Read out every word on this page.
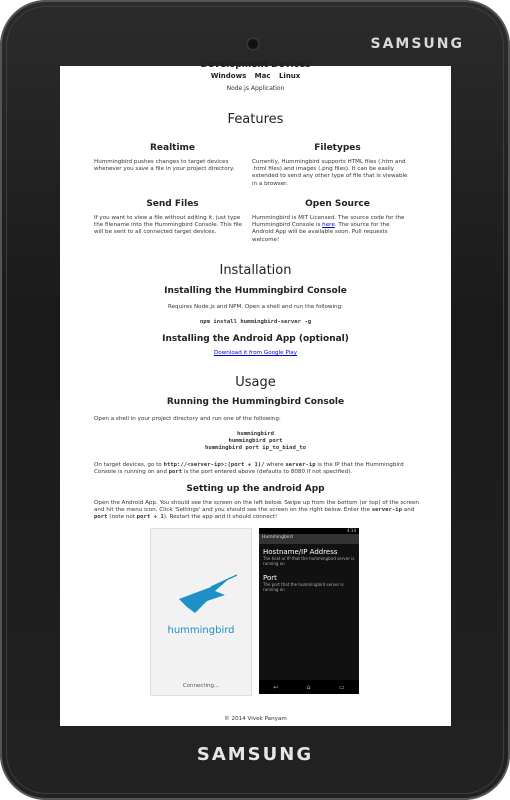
SAMSUNG
SAMSUNG
Development Devices
Windows Mac Linux
Node.js Application
Features
Realtime	Filetypes
Hummingbird pushes changes to target devices whenever you save a file in your project directory.
Currently, Hummingbird supports HTML files (.htm and .html files) and images (.png files). It can be easily extended to send any other type of file that is viewable in a browser.
Send Files	Open Source
If you want to view a file without editing it, just type the filename into the Hummingbird Console. This file will be sent to all connected target devices.
Hummingbird is MIT Licensed. The source code for the Hummingbird Console is here. The source for the Android App will be available soon. Pull requests welcome!
Installation
Installing the Hummingbird Console
Requires Node.js and NPM. Open a shell and run the following:
npm install hummingbird-server -g
Installing the Android App (optional)
Download it from Google Play
Usage
Running the Hummingbird Console
Open a shell in your project directory and run one of the following:
hummingbird
hummingbird port
hummingbird port ip_to_bind_to
On target devices, go to http://<server-ip>:(port + 1)/ where server-ip is the IP that the Hummingbird Console is running on and port is the port entered above (defaults to 8080 if not specified).
Setting up the android App
Open the Android App. You should see the screen on the left below. Swipe up from the bottom (or top) of the screen and hit the menu icon. Click 'Settings' and you should see the screen on the right below. Enter the server-ip and port (note not port + 1). Restart the app and it should connect!
hummingbird
Connecting...
4:14
Hummingbird
Hostname/IP Address
The host or IP that the hummingbird server is running on
Port
The port that the hummingbird server is running on
↩	⌂	▭
© 2014 Vivek Panyam
